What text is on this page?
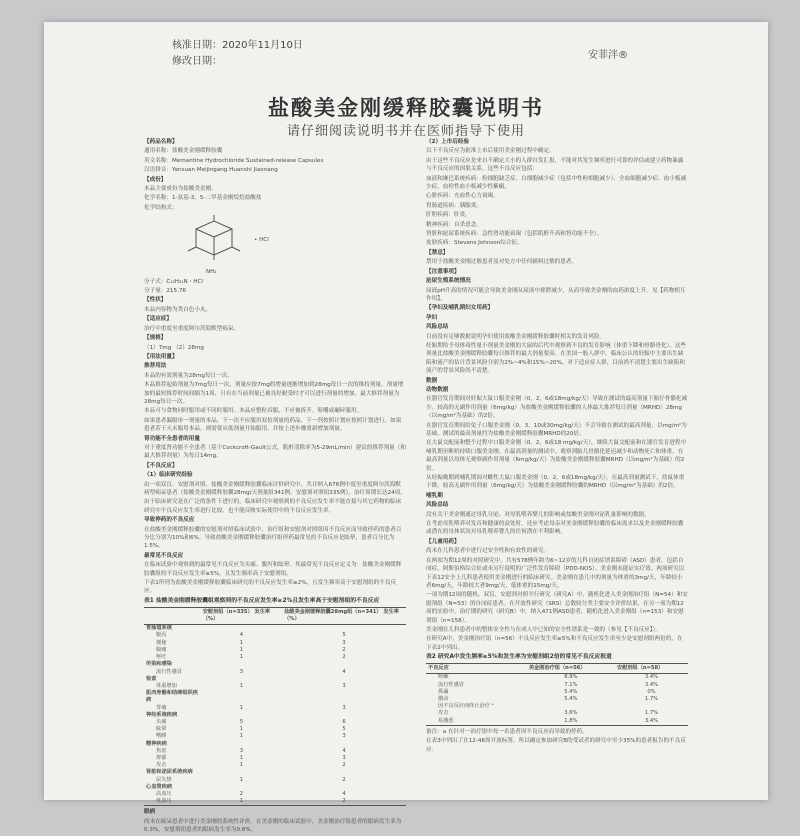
核准日期：2020年11月10日
修改日期：
安菲泮®
盐酸美金刚缓释胶囊说明书
请仔细阅读说明书并在医师指导下使用

【药品名称】

通用名称：盐酸美金刚缓释胶囊

英文名称：Memantine Hydrochloride Sustained-release Capsules

汉语拼音：Yansuan Meijingang Huanshi Jiaonang

【成份】

本品主要成份为盐酸美金刚。

化学名称：1-氨基-3，5-二甲基金刚烷烷盐酸盐

化学结构式：

• HCl

NH₂

分子式：C₁₂H₂₁N・HCl

分子量：215.76

【性状】

本品内容物为类白色小丸。

【适应症】

治疗中重度至重度阿尔茨海默型痴呆。

【规格】

（1）7mg （2）28mg

【用法用量】

推荐用法

本品的有效剂量为28mg每日一次。

本品推荐起始剂量为7mg每日一次，剂量应按7mg的增量逐渐增加到28mg每日一次的维持剂量。剂量增加的最短推荐时间间隔为1周，只有在当前剂量已被良好耐受时才可以进行剂量的增加，最大推荐剂量为28mg每日一次。

本品可与食物同时服用或不同时服用。本品应整粒吞服，不应被拆开、咀嚼或碾碎服用。

如果患者漏服单一剂量的本品，下一次不应服用双倍剂量的药品，下一剂按照计划应按照计划进行。如果患者若干天未服用本品，则需要从低剂量开始服用，并按上述步骤重新增加剂量。

肾功能不全患者的用量

对于重度肾功能不全患者（基于Cockcroft-Gault公式，肌酐清除率为5-29mL/min）建议的推荐剂量（和最大推荐剂量）为每日14mg。

【不良反应】

（1）临床研究经验

由一项双盲、安慰剂对照、盐酸美金刚缓释胶囊临床评价研究中，共计纳入676例中度至重度阿尔茨海默病型痴呆患者（盐酸美金刚缓释胶囊28mg/天剂量组341例，安慰剂对照组335例），治疗周期长达24周。

由于临床研究是在广泛的条件下进行的，临床研究中观察到的不良反应发生率不能直接与其它药物的临床研究中不良反应发生率进行比较，也不能反映实际使用中的不良反应发生率。

导致停药的不良反应

在盐酸美金刚缓释胶囊的安慰剂对照临床试验中，治疗组和安慰剂对照组因不良反应而导致停药的患者百分比分别为10%和6%。导致盐酸美金刚缓释胶囊治疗组停药最常见的不良反应是眩晕，患者百分比为1.5%。

最常见不良反应

在临床试验中观察到的最常见不良反应为头痛、腹泻和眩晕。其最常见不良反应定义为：盐酸美金刚缓释胶囊组的不良反应发生率≥5%，且发生频率高于安慰剂组。

下表1所列为盐酸美金刚缓释胶囊临床研究的不良反应发生率≥2%，且发生频率高于安慰剂组的不良反应。

表1 盐酸美金刚缓释胶囊组观察到的不良反应发生率≥2%且发生率高于安慰剂组的不良反应

	安慰剂组（n=335） 发生率（%）	盐酸美金刚缓释胶囊28mg组（n=341） 发生率（%）
胃肠道系统		
腹泻	4	5
便秘	1	3
腹痛	1	2
呕吐	1	2
传染和感染		
流行性感冒	3	4
检查		
体重增加	1	3
肌肉骨骼和结缔组织疾病		
背痛	1	3
神经系统疾病		
头痛	5	6
眩晕	1	5
嗜睡	1	3
精神疾病		
焦虑	3	4
抑郁	1	3
攻击	1	2
肾脏和泌尿系统疾病		
尿失禁	1	2
心血管疾病		
高血压	2	4
低血压	1	2

眼病

尚未在痴呆患者中进行美金刚的系统性评价。在美金刚的临床试验中，美金刚治疗组患者的眼病发生率为0.3%，安慰剂组患者的眼病发生率为0.6%。

（2）上市后经验

以下不良反应为批准上市后使用美金刚过程中确定。

由于这些不良反应是来自不确定大小的人群自发汇报，不能对其发生频率进行可靠的评估或建立药物暴露与不良反应的因果关系。这些不良反应包括：

血液和淋巴系统疾病：粒细胞缺乏症、白细胞减少症（包括中性粒细胞减少）、全血细胞减少症、血小板减少症，血栓性血小板减少性紫癜。

心脏疾病：充血性心力衰竭。

胃肠道疾病：胰腺炎。

肝胆疾病：肝炎。

精神疾病：自杀意念。

肾脏和泌尿系统疾病：急性肾功能衰竭（包括肌酐升高和肾功能不全）。

皮肤疾病：Stevens Johnson综合征。

【禁忌】

禁用于盐酸美金刚过敏患者及对处方中任何辅料过敏的患者。

【注意事项】

泌尿生殖系统情况

尿液pH升高的情况可能会导致美金刚从尿液中排泄减少，从而导致美金刚的血药浓度上升。见【药物相互作用】。

【孕妇及哺乳期妇女用药】

孕妇

风险总结

目前没有足够数据说明孕妇使用盐酸美金刚缓释胶囊时相关的发育风险。

妊娠期给予母体毒性量小剂量美金刚的大鼠的后代中观察到不良的发育影响（体重下降和骨骼骨化）。这些剂量比盐酸美金刚缓释胶囊每日推荐的最大剂量要高。在美国一般人群中，临床公认的妊娠中主要出生缺陷和流产的估计背景风险分别为2%~4%和15%~20%。对于适应症人群，目前尚不清楚主要出生缺陷和流产的背景风险尚不清楚。

数据

动物数据

在器官发育期间对妊娠大鼠口服美金刚（0，2，6或18mg/kg/天）导致在测试的最高剂量下胎仔骨骼化减少。较高的无副作用剂量（6mg/kg）为盐酸美金刚缓释胶囊的人体最大推荐每日剂量（MRHD）28mg（以mg/m²为基础）的2倍。

在器官发育期间给兔子口服美金刚（0，3，10或30mg/kg/天）不会导致在测试的最高剂量，以mg/m²为基础，测试的最高剂量约为盐酸美金刚缓释胶囊MRHD的20倍。

在大鼠交配前和整个过程中口服美金刚（0，2，6或18 mg/kg/天），继续大鼠交配前和在器官发育进程中哺乳期至断奶持续口服美金刚。在最高剂量的测试中，观察到胎儿骨骼化延迟减少和动物死亡和体重。在最高剂量以母体无观察副作用剂量（6mg/kg/天）为盐酸美金刚缓释胶囊MRHD（以mg/m²为基础）的2倍。

从妊娠晚期到哺乳期间对雌性大鼠口服美金刚（0，2，6或18mg/kg/天），在最高剂量测试下，幼鼠体重下降。较高无副作用剂量（6mg/kg/天）为盐酸美金刚缓释胶囊的MRHD（以mg/m²为基础）的2倍。

哺乳期

风险总结

没有关于美金刚通过母乳分泌、对母乳喂养婴儿的影响或盐酸美金刚对泌乳量影响的数据。

在考虑母乳喂养对发育和健康的益处时，还应考虑母亲对美金刚缓释胶囊的临床需求以及美金刚缓释胶囊或潜在的母体状况对母乳喂养婴儿的任何潜在不利影响。

【儿童用药】

尚未在儿科患者中进行过安全性和有效性的研究。

在两项为期12周的对照研究中，共有578例年龄为6~12岁的儿科自闭症谱系障碍（ASD）患者，包括自闭症，阿斯伯格综合征或未另行说明的广泛性发育障碍（PDD-NOS）。美金刚未能证实疗效。两项研究以下表12安全上儿科患者使用美金刚进行的临床研究。美金刚在患儿中的剂量为体重的3mg/天，年龄较小者6mg/天，年龄较大者9mg/天，低体重的15mg/天。

一项为期12周的随机、双盲、安慰剂对照平行研究（研究A）中，随机化进入美金刚治疗组（N=54）和安慰剂组（N=53）的自闭症患者。在开放性研究（SRS）总数较分类主要安全评价结果，在另一项为期12周的实验中，治疗期的研究（研究B）中，纳入471例ASD患者，随机化进入美金刚组（n=153）和安慰剂组（n=158）。

美金刚在儿科患者中的整体安全性与在成人中已知的安全性谱系是一致的（参见【不良反应】）。

在研究A中，美金刚治疗组（n=56）不良反应发生率≥5%和不良反应发生率至少是安慰剂组两倍的，在下表2中列出。

表2 研究A中发生频率≥5%和发生率为安慰剂组2倍的常见不良反应报道

不良反应	美金刚治疗组（n=56）	安慰剂组（n=58）
咳嗽	8.9%	3.4%
流行性感冒	7.1%	3.4%
鼻漏	5.4%	0%
激动	5.4%	1.7%
因不良反应而终止治疗 ᵃ		
攻击	3.6%	1.7%
易激惹	1.8%	3.4%

备注：a 在针对一治疗组中每一名患者因不良反应而导致的停药。

在表3中列出了在12-48周开放标签。所以确定参加研究B的受试者的研究中至少35%的患者报告的不良反应：
